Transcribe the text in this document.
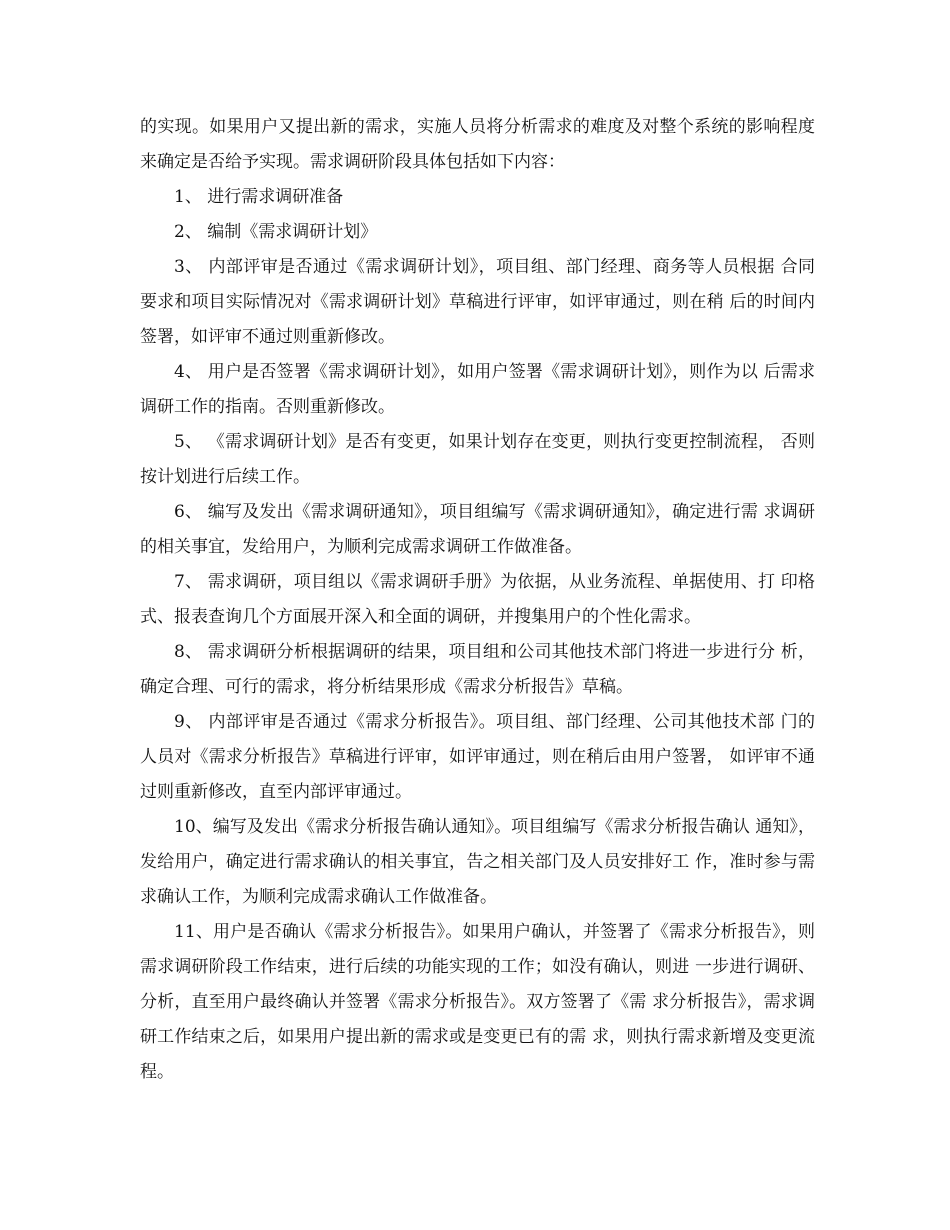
的实现。如果用户又提出新的需求，实施人员将分析需求的难度及对整个系统的影响程度来确定是否给予实现。需求调研阶段具体包括如下内容：

1、 进行需求调研准备

2、 编制《需求调研计划》

3、 内部评审是否通过《需求调研计划》，项目组、部门经理、商务等人员根据 合同要求和项目实际情况对《需求调研计划》草稿进行评审，如评审通过，则在稍 后的时间内签署，如评审不通过则重新修改。

4、 用户是否签署《需求调研计划》，如用户签署《需求调研计划》，则作为以 后需求调研工作的指南。否则重新修改。

5、 《需求调研计划》是否有变更，如果计划存在变更，则执行变更控制流程， 否则按计划进行后续工作。

6、 编写及发出《需求调研通知》，项目组编写《需求调研通知》，确定进行需 求调研的相关事宜，发给用户，为顺利完成需求调研工作做准备。

7、 需求调研，项目组以《需求调研手册》为依据，从业务流程、单据使用、打 印格式、报表查询几个方面展开深入和全面的调研，并搜集用户的个性化需求。

8、 需求调研分析根据调研的结果，项目组和公司其他技术部门将进一步进行分 析，确定合理、可行的需求，将分析结果形成《需求分析报告》草稿。

9、 内部评审是否通过《需求分析报告》。项目组、部门经理、公司其他技术部 门的人员对《需求分析报告》草稿进行评审，如评审通过，则在稍后由用户签署， 如评审不通过则重新修改，直至内部评审通过。

10、编写及发出《需求分析报告确认通知》。项目组编写《需求分析报告确认 通知》，发给用户，确定进行需求确认的相关事宜，告之相关部门及人员安排好工 作，准时参与需求确认工作，为顺利完成需求确认工作做准备。

11、用户是否确认《需求分析报告》。如果用户确认，并签署了《需求分析报告》，则需求调研阶段工作结束，进行后续的功能实现的工作；如没有确认，则进 一步进行调研、分析，直至用户最终确认并签署《需求分析报告》。双方签署了《需 求分析报告》，需求调研工作结束之后，如果用户提出新的需求或是变更已有的需 求，则执行需求新增及变更流程。
